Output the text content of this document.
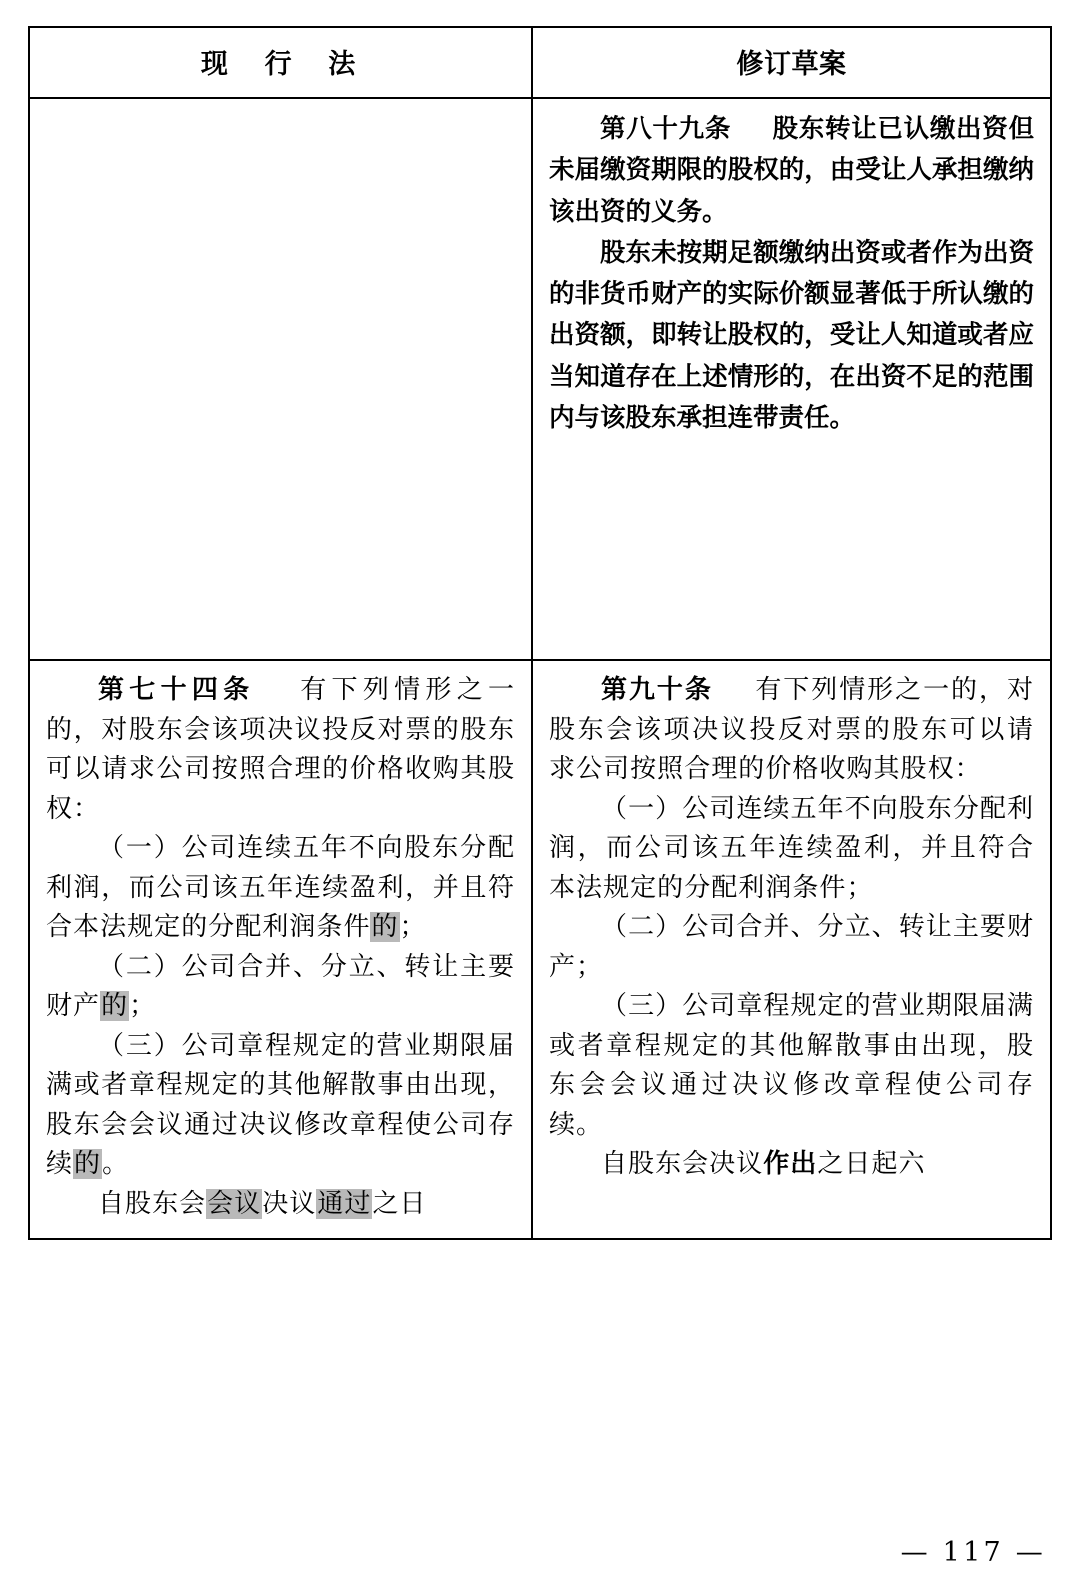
现　行　法	修订草案

第八十九条 股东转让已认缴出资但未届缴资期限的股权的，由受让人承担缴纳该出资的义务。

股东未按期足额缴纳出资或者作为出资的非货币财产的实际价额显著低于所认缴的出资额，即转让股权的，受让人知道或者应当知道存在上述情形的，在出资不足的范围内与该股东承担连带责任。

第七十四条 有下列情形之一的，对股东会该项决议投反对票的股东可以请求公司按照合理的价格收购其股权：

（一）公司连续五年不向股东分配利润，而公司该五年连续盈利，并且符合本法规定的分配利润条件的；

（二）公司合并、分立、转让主要财产的；

（三）公司章程规定的营业期限届满或者章程规定的其他解散事由出现，股东会会议通过决议修改章程使公司存续的。

自股东会会议决议通过之日

第九十条 有下列情形之一的，对股东会该项决议投反对票的股东可以请求公司按照合理的价格收购其股权：

（一）公司连续五年不向股东分配利润，而公司该五年连续盈利，并且符合本法规定的分配利润条件；

（二）公司合并、分立、转让主要财产；

（三）公司章程规定的营业期限届满或者章程规定的其他解散事由出现，股东会会议通过决议修改章程使公司存续。

自股东会决议作出之日起六

— 117 —
